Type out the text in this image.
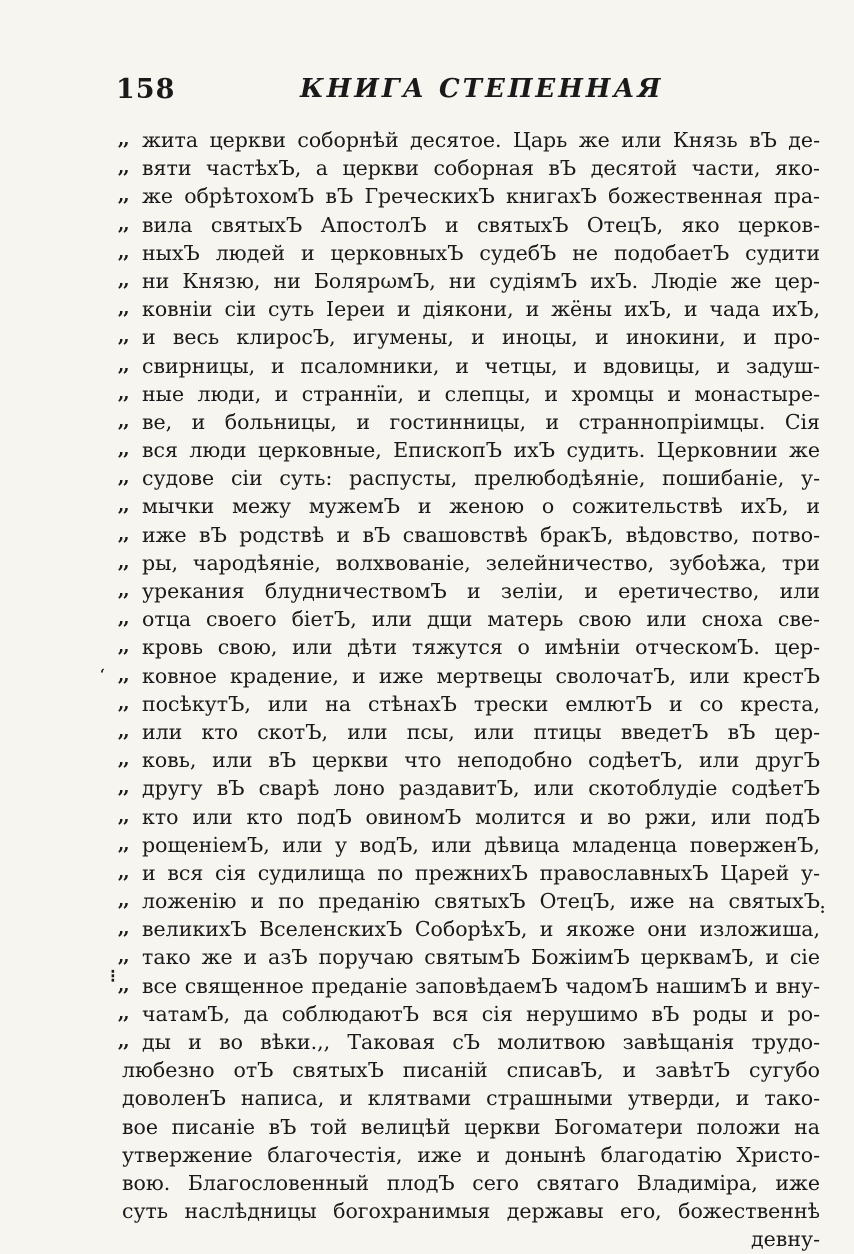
158	КНИГА СТЕПЕННАЯ
,, жита церкви соборнѣй десятое. Царь же или Князь вЪ де-
,, вяти частѣхЪ, а церкви соборная вЪ десятой части, яко-
,, же обрѣтохомЪ вЪ ГреческихЪ книгахЪ божественная пра-
,, вила святыхЪ АпостолЪ и святыхЪ ОтецЪ, яко церков-
,, ныхЪ людей и церковныхЪ судебЪ не подобаетЪ судити
,, ни Князю, ни БолярωмЪ, ни судіямЪ ихЪ. Людіе же цер-
,, ковніи сіи суть Іереи и діякони, и жёны ихЪ, и чада ихЪ,
,, и весь клиросЪ, игумены, и иноцы, и инокини, и про-
,, свирницы, и псаломники, и четцы, и вдовицы, и задуш-
,, ные люди, и страннїи, и слепцы, и хромцы и монастыре-
,, ве, и больницы, и гостинницы, и страннопріимцы. Сія
,, вся люди церковные, ЕпископЪ ихЪ судить. Церковнии же
,, судове сіи суть: распусты, прелюбодѣяніе, пошибаніе, у-
,, мычки межу мужемЪ и женою о сожительствѣ ихЪ, и
,, иже вЪ родствѣ и вЪ свашовствѣ бракЪ, вѣдовство, потво-
,, ры, чародѣяніе, волхвованіе, зелейничество, зубоѣжа, три
,, урекания блудничествомЪ и зеліи, и еретичество, или
,, отца своего біетЪ, или дщи матерь свою или сноха све-
,, кровь свою, или дѣти тяжутся о имѣніи отческомЪ. цер-
,, ковное крадение, и иже мертвецы сволочатЪ, или крестЪ
,, посѣкутЪ, или на стѣнахЪ трески емлютЪ и со креста,
,, или кто скотЪ, или псы, или птицы введетЪ вЪ цер-
,, ковь, или вЪ церкви что неподобно содѣетЪ, или другЪ
,, другу вЪ сварѣ лоно раздавитЪ, или скотоблудіе содѣетЪ
,, кто или кто подЪ овиномЪ молится и во ржи, или подЪ
,, рощеніемЪ, или у водЪ, или дѣвица младенца поверженЪ,
,, и вся сія судилища по прежнихЪ православныхЪ Царей у-
,, ложенію и по преданію святыхЪ ОтецЪ, иже на святыхЪ
,, великихЪ ВселенскихЪ СоборѣхЪ, и якоже они изложиша,
,, тако же и азЪ поручаю святымЪ БожіимЪ церквамЪ, и сіе
,, все священное преданіе заповѣдаемЪ чадомЪ нашимЪ и вну-
,, чатамЪ, да соблюдаютЪ вся сія нерушимо вЪ роды и ро-
,, ды и во вѣки.,, Таковая сЪ молитвою завѣщанія трудо-
любезно отЪ святыхЪ писаній списавЪ, и завѣтЪ сугубо
доволенЪ написа, и клятвами страшными утверди, и тако-
вое писаніе вЪ той велицѣй церкви Богоматери положи на
утвержение благочестія, иже и донынѣ благодатію Христо-
вою. Благословенный плодЪ сего святаго Владиміра, иже
суть наслѣдницы богохранимыя державы его, божественнѣ
девну-
ʻ
:
⁝
